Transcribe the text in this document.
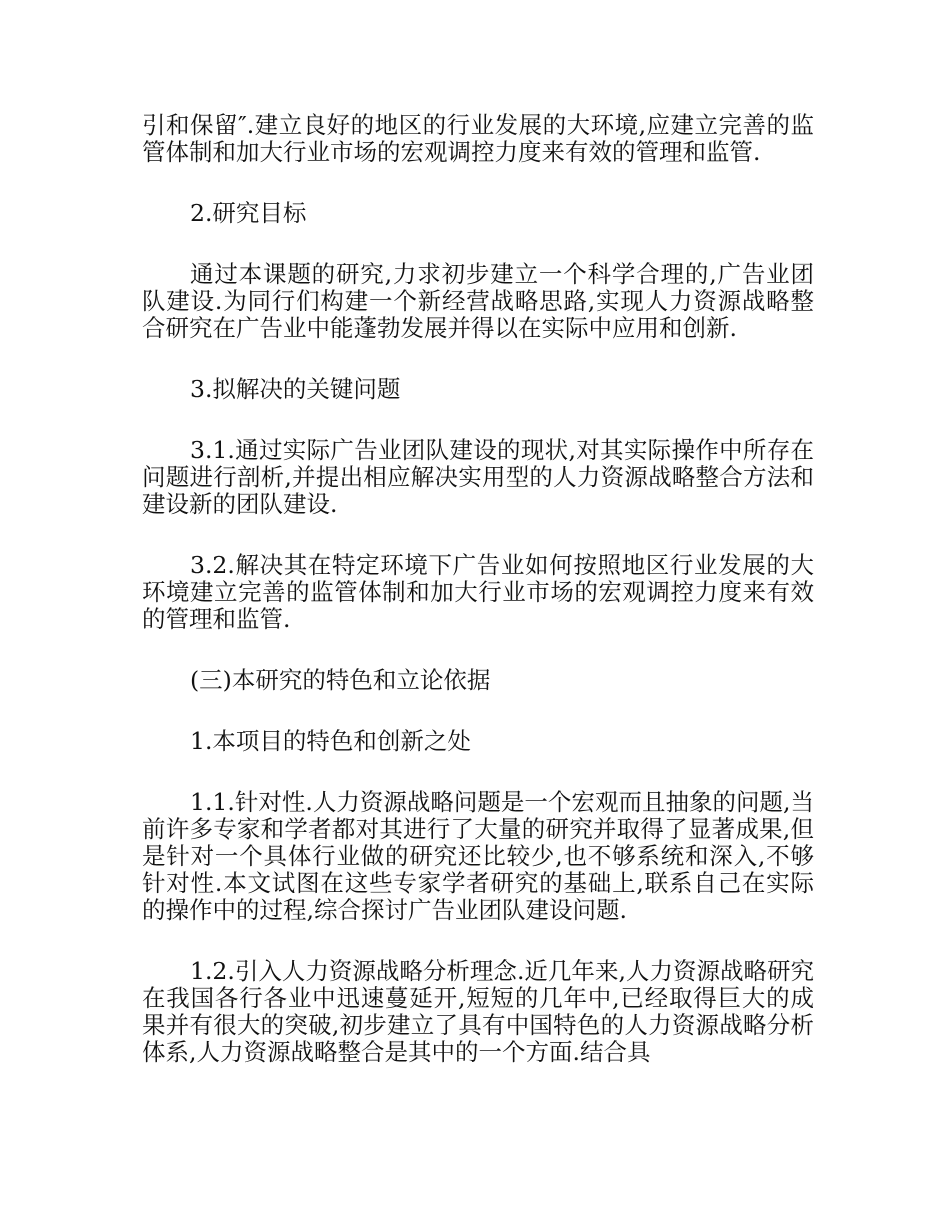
引和保留″.建立良好的地区的行业发展的大环境,应建立完善的监管体制和加大行业市场的宏观调控力度来有效的管理和监管.

2.研究目标

通过本课题的研究,力求初步建立一个科学合理的,广告业团队建设.为同行们构建一个新经营战略思路,实现人力资源战略整合研究在广告业中能蓬勃发展并得以在实际中应用和创新.

3.拟解决的关键问题

3.1.通过实际广告业团队建设的现状,对其实际操作中所存在问题进行剖析,并提出相应解决实用型的人力资源战略整合方法和建设新的团队建设.

3.2.解决其在特定环境下广告业如何按照地区行业发展的大环境建立完善的监管体制和加大行业市场的宏观调控力度来有效的管理和监管.

(三)本研究的特色和立论依据

1.本项目的特色和创新之处

1.1.针对性.人力资源战略问题是一个宏观而且抽象的问题,当前许多专家和学者都对其进行了大量的研究并取得了显著成果,但是针对一个具体行业做的研究还比较少,也不够系统和深入,不够针对性.本文试图在这些专家学者研究的基础上,联系自己在实际的操作中的过程,综合探讨广告业团队建设问题.

1.2.引入人力资源战略分析理念.近几年来,人力资源战略研究在我国各行各业中迅速蔓延开,短短的几年中,已经取得巨大的成果并有很大的突破,初步建立了具有中国特色的人力资源战略分析体系,人力资源战略整合是其中的一个方面.结合具
